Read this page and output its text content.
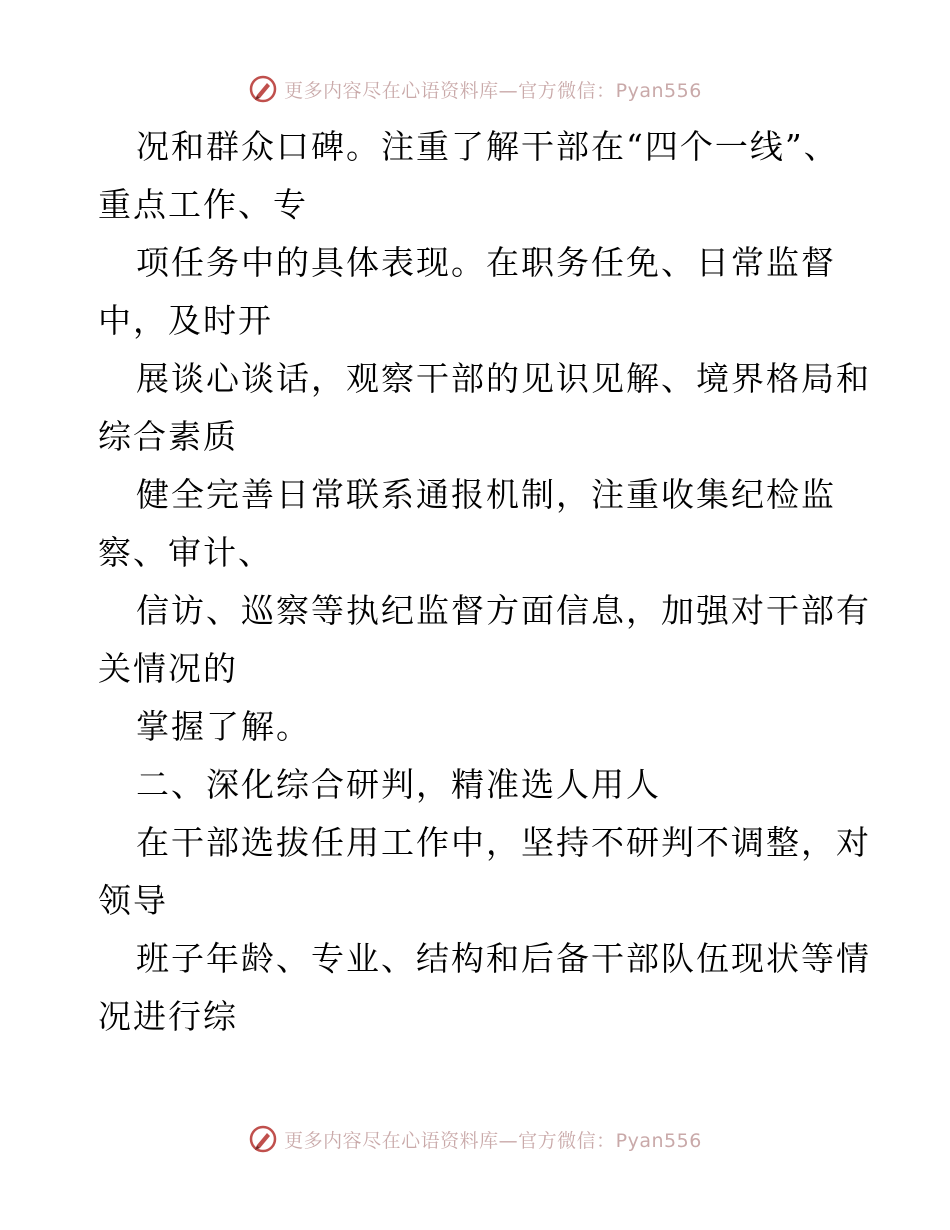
更多内容尽在心语资料库—官方微信：Pyan556
况和群众口碑。注重了解干部在“四个一线”、
重点工作、专
项任务中的具体表现。在职务任免、日常监督
中，及时开
展谈心谈话，观察干部的见识见解、境界格局和
综合素质
健全完善日常联系通报机制，注重收集纪检监
察、审计、
信访、巡察等执纪监督方面信息，加强对干部有
关情况的
掌握了解。
二、深化综合研判，精准选人用人
在干部选拔任用工作中，坚持不研判不调整，对
领导
班子年龄、专业、结构和后备干部队伍现状等情
况进行综
更多内容尽在心语资料库—官方微信：Pyan556
